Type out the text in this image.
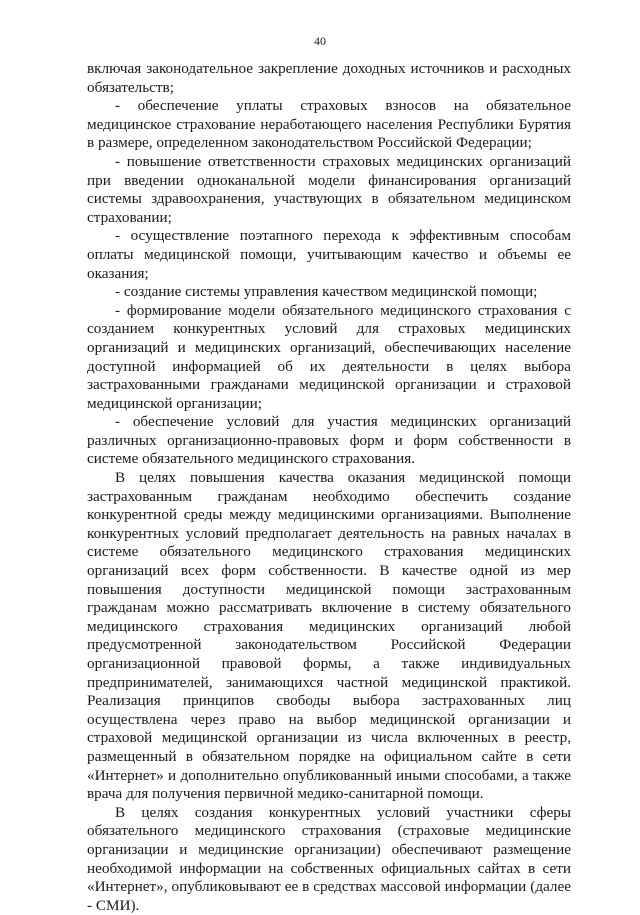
40

включая законодательное закрепление доходных источников и расходных обязательств;

- обеспечение уплаты страховых взносов на обязательное медицинское страхование неработающего населения Республики Бурятия в размере, определенном законодательством Российской Федерации;

- повышение ответственности страховых медицинских организаций при введении одноканальной модели финансирования организаций системы здравоохранения, участвующих в обязательном медицинском страховании;

- осуществление поэтапного перехода к эффективным способам оплаты медицинской помощи, учитывающим качество и объемы ее оказания;

- создание системы управления качеством медицинской помощи;

- формирование модели обязательного медицинского страхования с созданием конкурентных условий для страховых медицинских организаций и медицинских организаций, обеспечивающих население доступной информацией об их деятельности в целях выбора застрахованными гражданами медицинской организации и страховой медицинской организации;

- обеспечение условий для участия медицинских организаций различных организационно-правовых форм и форм собственности в системе обязательного медицинского страхования.

В целях повышения качества оказания медицинской помощи застрахованным гражданам необходимо обеспечить создание конкурентной среды между медицинскими организациями. Выполнение конкурентных условий предполагает деятельность на равных началах в системе обязательного медицинского страхования медицинских организаций всех форм собственности. В качестве одной из мер повышения доступности медицинской помощи застрахованным гражданам можно рассматривать включение в систему обязательного медицинского страхования медицинских организаций любой предусмотренной законодательством Российской Федерации организационной правовой формы, а также индивидуальных предпринимателей, занимающихся частной медицинской практикой. Реализация принципов свободы выбора застрахованных лиц осуществлена через право на выбор медицинской организации и страховой медицинской организации из числа включенных в реестр, размещенный в обязательном порядке на официальном сайте в сети «Интернет» и дополнительно опубликованный иными способами, а также врача для получения первичной медико-санитарной помощи.

В целях создания конкурентных условий участники сферы обязательного медицинского страхования (страховые медицинские организации и медицинские организации) обеспечивают размещение необходимой информации на собственных официальных сайтах в сети «Интернет», опубликовывают ее в средствах массовой информации (далее - СМИ).
